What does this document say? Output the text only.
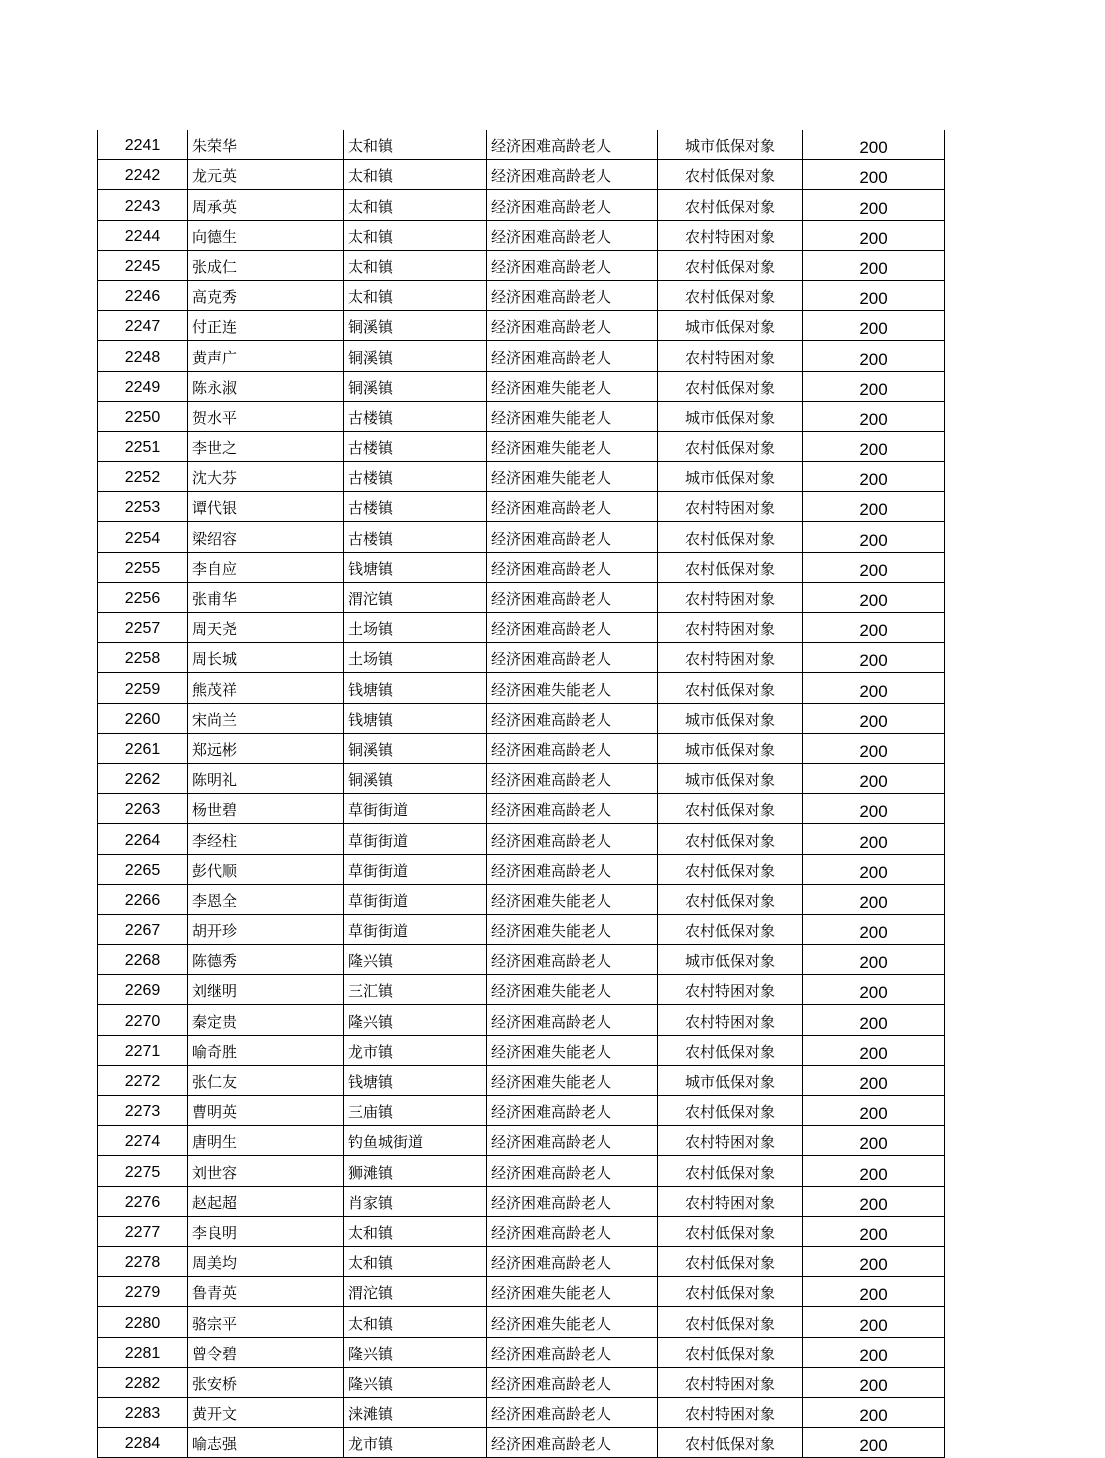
2241	朱荣华	太和镇	经济困难高龄老人	城市低保对象	200
2242	龙元英	太和镇	经济困难高龄老人	农村低保对象	200
2243	周承英	太和镇	经济困难高龄老人	农村低保对象	200
2244	向德生	太和镇	经济困难高龄老人	农村特困对象	200
2245	张成仁	太和镇	经济困难高龄老人	农村低保对象	200
2246	高克秀	太和镇	经济困难高龄老人	农村低保对象	200
2247	付正连	铜溪镇	经济困难高龄老人	城市低保对象	200
2248	黄声广	铜溪镇	经济困难高龄老人	农村特困对象	200
2249	陈永淑	铜溪镇	经济困难失能老人	农村低保对象	200
2250	贺水平	古楼镇	经济困难失能老人	城市低保对象	200
2251	李世之	古楼镇	经济困难失能老人	农村低保对象	200
2252	沈大芬	古楼镇	经济困难失能老人	城市低保对象	200
2253	谭代银	古楼镇	经济困难高龄老人	农村特困对象	200
2254	梁绍容	古楼镇	经济困难高龄老人	农村低保对象	200
2255	李自应	钱塘镇	经济困难高龄老人	农村低保对象	200
2256	张甫华	渭沱镇	经济困难高龄老人	农村特困对象	200
2257	周天尧	土场镇	经济困难高龄老人	农村特困对象	200
2258	周长城	土场镇	经济困难高龄老人	农村特困对象	200
2259	熊茂祥	钱塘镇	经济困难失能老人	农村低保对象	200
2260	宋尚兰	钱塘镇	经济困难高龄老人	城市低保对象	200
2261	郑远彬	铜溪镇	经济困难高龄老人	城市低保对象	200
2262	陈明礼	铜溪镇	经济困难高龄老人	城市低保对象	200
2263	杨世碧	草街街道	经济困难高龄老人	农村低保对象	200
2264	李经柱	草街街道	经济困难高龄老人	农村低保对象	200
2265	彭代顺	草街街道	经济困难高龄老人	农村低保对象	200
2266	李恩全	草街街道	经济困难失能老人	农村低保对象	200
2267	胡开珍	草街街道	经济困难失能老人	农村低保对象	200
2268	陈德秀	隆兴镇	经济困难高龄老人	城市低保对象	200
2269	刘继明	三汇镇	经济困难失能老人	农村特困对象	200
2270	秦定贵	隆兴镇	经济困难高龄老人	农村特困对象	200
2271	喻奇胜	龙市镇	经济困难失能老人	农村低保对象	200
2272	张仁友	钱塘镇	经济困难失能老人	城市低保对象	200
2273	曹明英	三庙镇	经济困难高龄老人	农村低保对象	200
2274	唐明生	钓鱼城街道	经济困难高龄老人	农村特困对象	200
2275	刘世容	狮滩镇	经济困难高龄老人	农村低保对象	200
2276	赵起超	肖家镇	经济困难高龄老人	农村特困对象	200
2277	李良明	太和镇	经济困难高龄老人	农村低保对象	200
2278	周美均	太和镇	经济困难高龄老人	农村低保对象	200
2279	鲁青英	渭沱镇	经济困难失能老人	农村低保对象	200
2280	骆宗平	太和镇	经济困难失能老人	农村低保对象	200
2281	曾令碧	隆兴镇	经济困难高龄老人	农村低保对象	200
2282	张安桥	隆兴镇	经济困难高龄老人	农村特困对象	200
2283	黄开文	涞滩镇	经济困难高龄老人	农村特困对象	200
2284	喻志强	龙市镇	经济困难高龄老人	农村低保对象	200
